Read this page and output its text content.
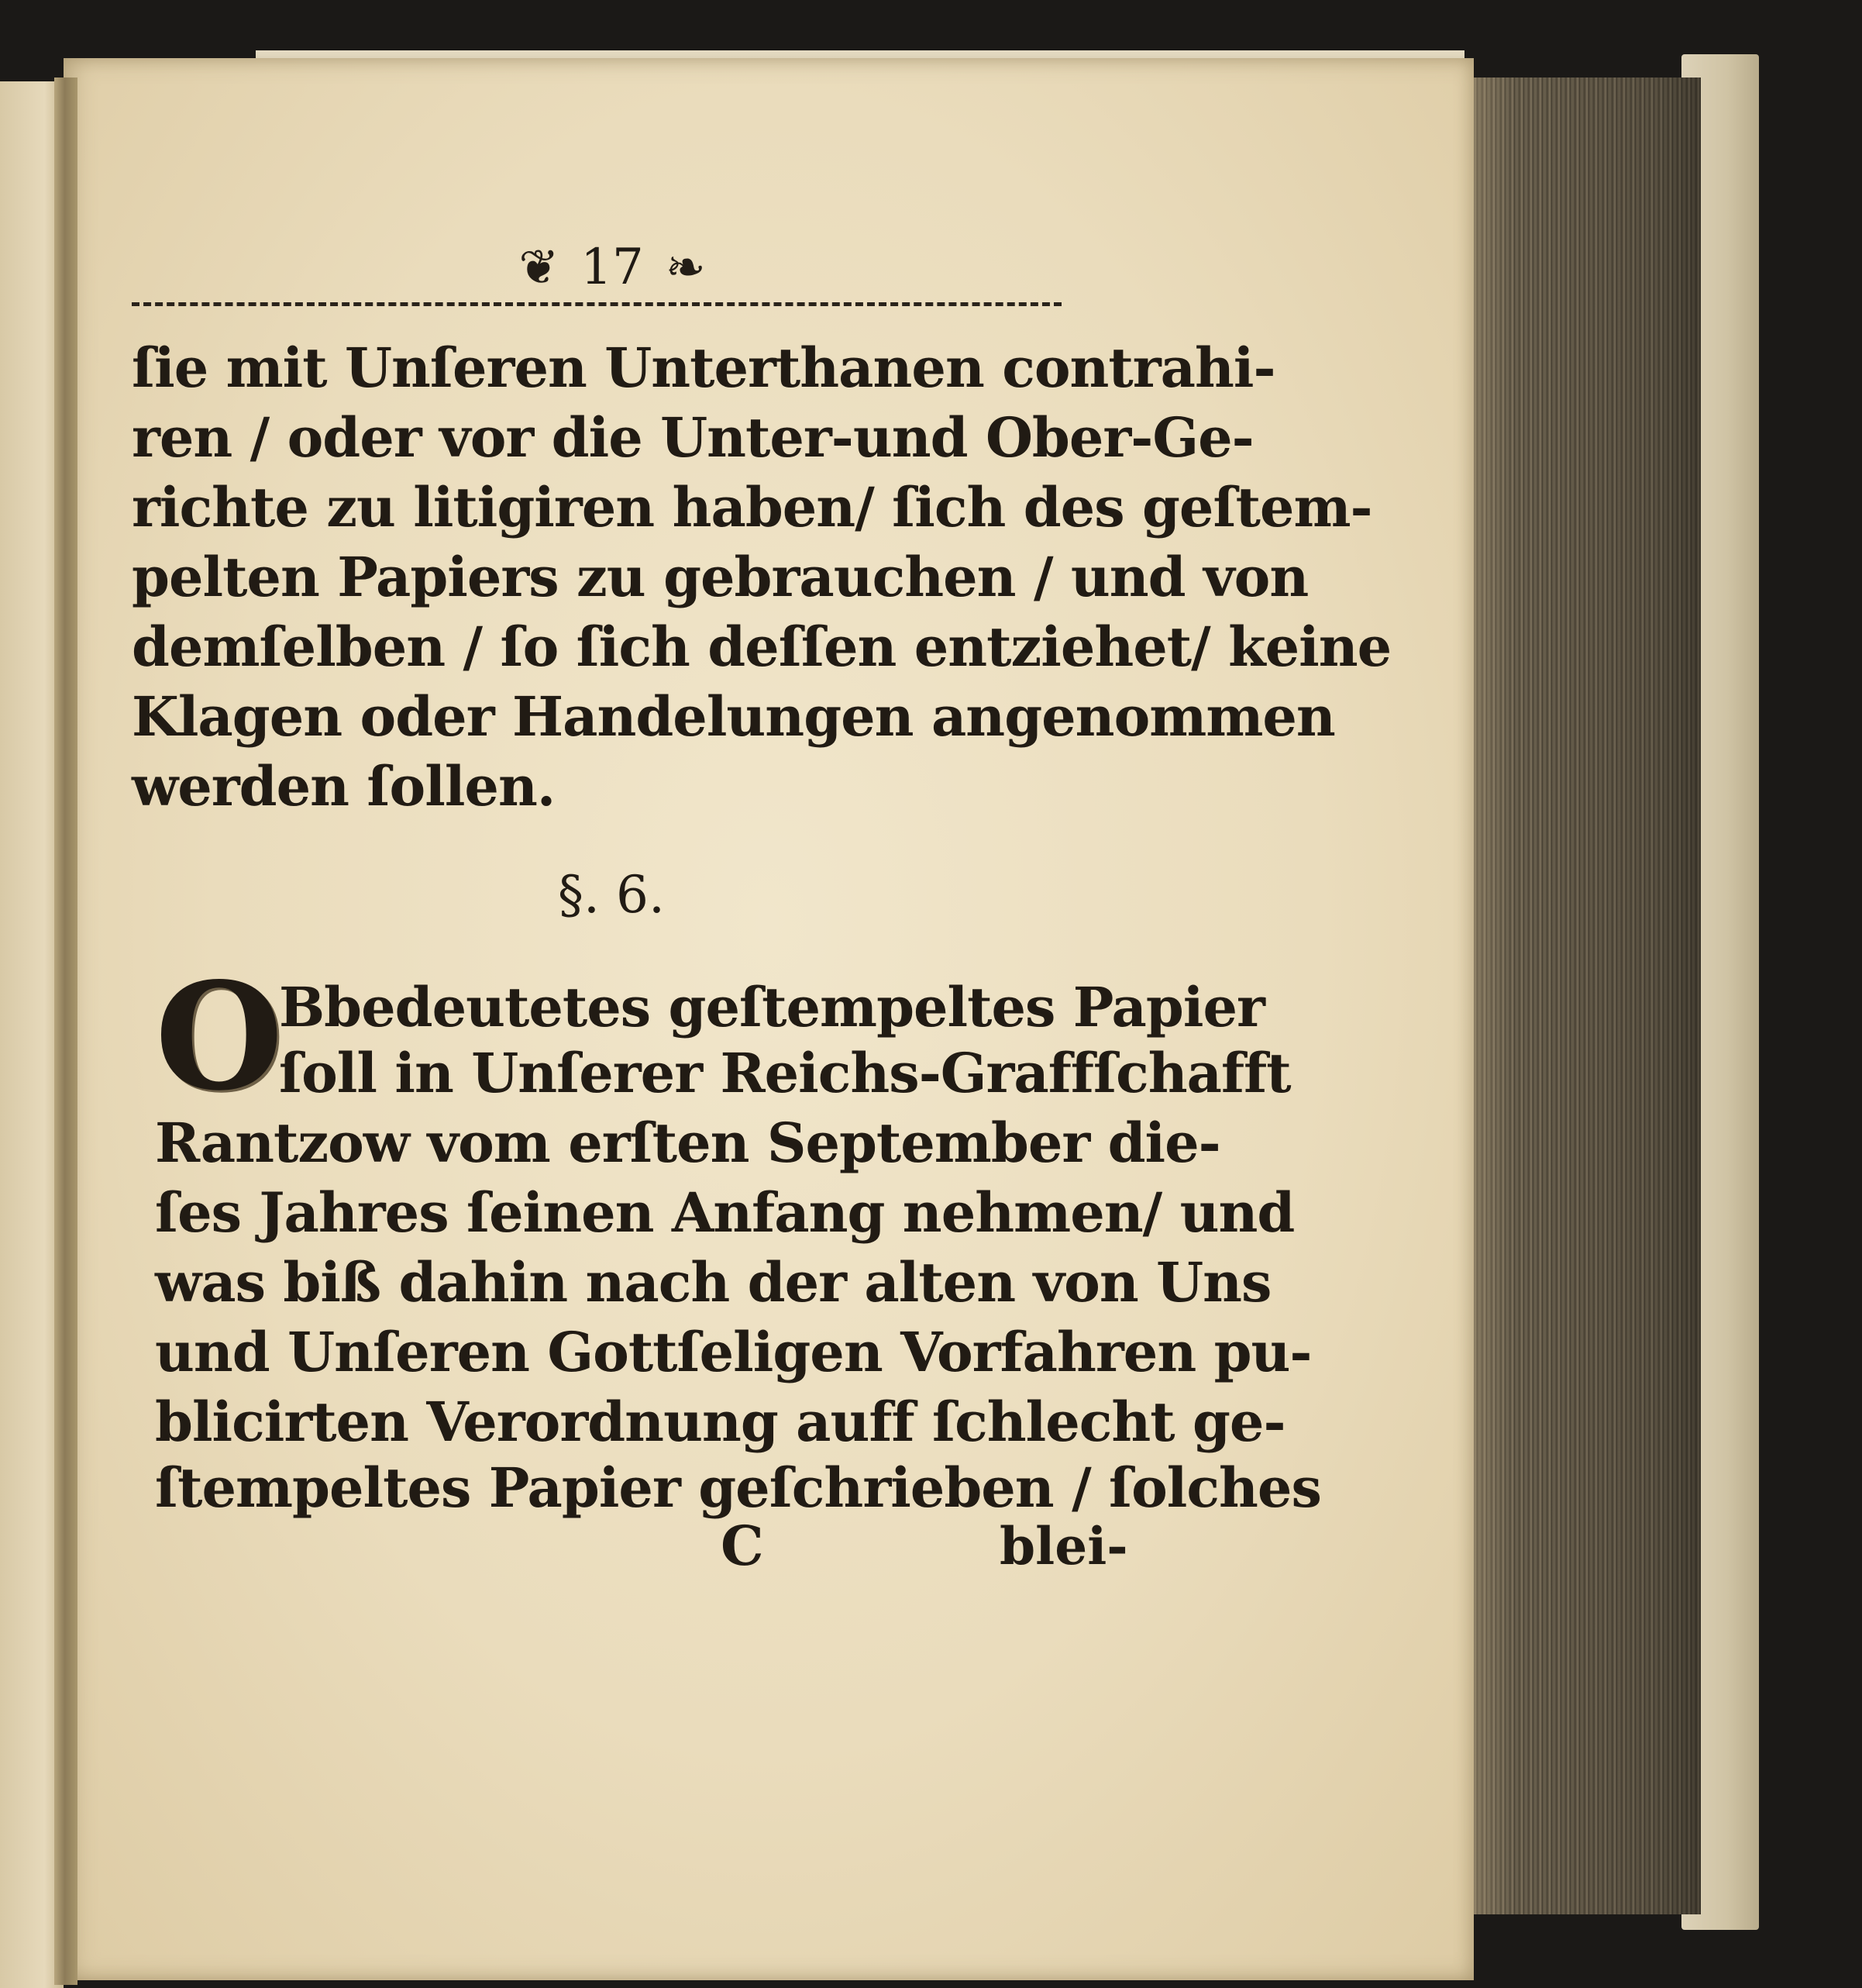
❦ 17 ❧
ſie mit Unſeren Unterthanen contrahi-
ren / oder vor die Unter-und Ober-Ge-
richte zu litigiren haben/ ſich des geſtem-
pelten Papiers zu gebrauchen / und von
demſelben / ſo ſich deſſen entziehet/ keine
Klagen oder Handelungen angenommen
werden ſollen.
§. 6.
O
Bbedeutetes geſtempeltes Papier
ſoll in Unſerer Reichs-Graffſchafft
Rantzow vom erſten September die-
ſes Jahres ſeinen Anfang nehmen/ und
was biß dahin nach der alten von Uns
und Unſeren Gottſeligen Vorfahren pu-
blicirten Verordnung auff ſchlecht ge-
ſtempeltes Papier geſchrieben / ſolches
C	blei-
